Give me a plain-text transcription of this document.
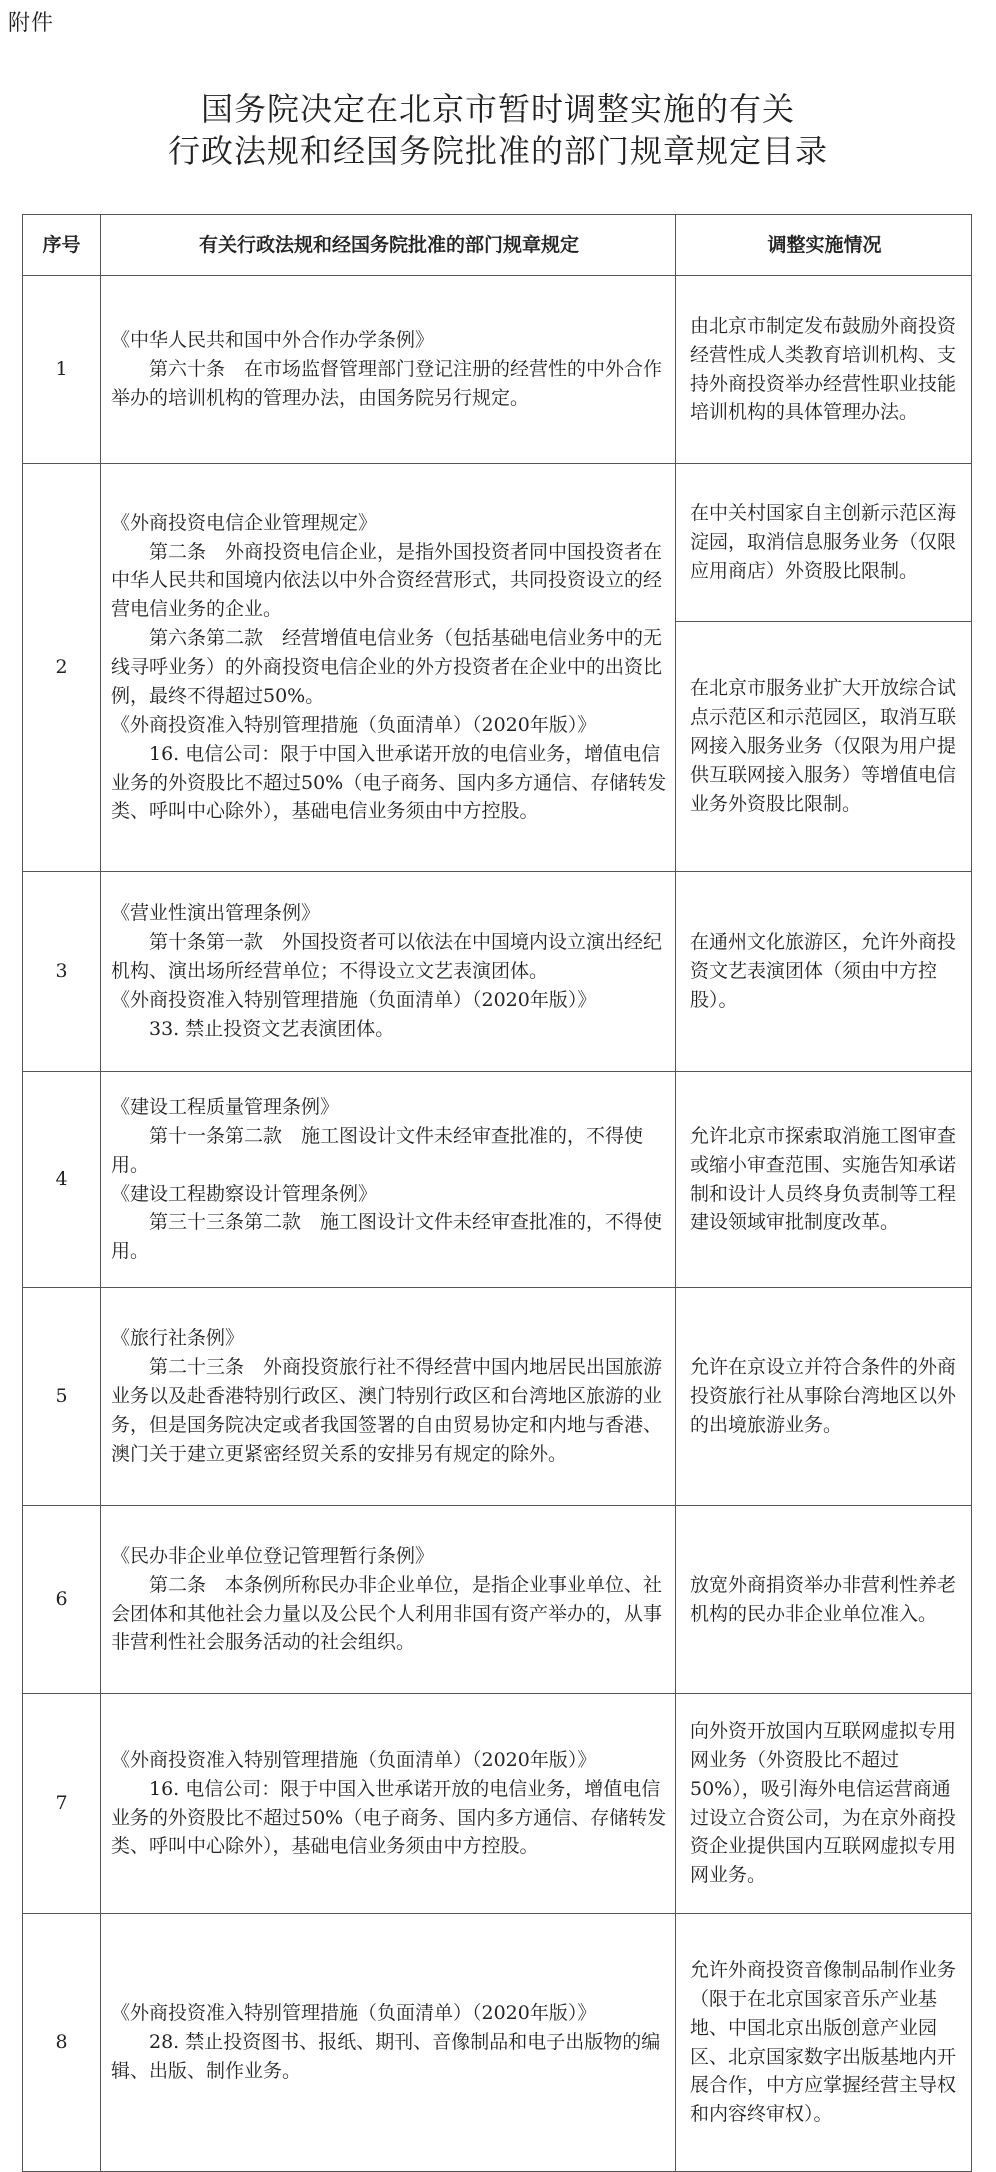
附件
国务院决定在北京市暂时调整实施的有关
行政法规和经国务院批准的部门规章规定目录
序号	有关行政法规和经国务院批准的部门规章规定	调整实施情况
1	《中华人民共和国中外合作办学条例》
第六十条　在市场监督管理部门登记注册的经营性的中外合作举办的培训机构的管理办法，由国务院另行规定。	由北京市制定发布鼓励外商投资经营性成人类教育培训机构、支持外商投资举办经营性职业技能培训机构的具体管理办法。
2	《外商投资电信企业管理规定》
第二条　外商投资电信企业，是指外国投资者同中国投资者在中华人民共和国境内依法以中外合资经营形式，共同投资设立的经营电信业务的企业。
第六条第二款　经营增值电信业务（包括基础电信业务中的无线寻呼业务）的外商投资电信企业的外方投资者在企业中的出资比例，最终不得超过50%。
《外商投资准入特别管理措施（负面清单）（2020年版）》
16. 电信公司：限于中国入世承诺开放的电信业务，增值电信业务的外资股比不超过50%（电子商务、国内多方通信、存储转发类、呼叫中心除外），基础电信业务须由中方控股。	在中关村国家自主创新示范区海淀园，取消信息服务业务（仅限应用商店）外资股比限制。
		在北京市服务业扩大开放综合试点示范区和示范园区，取消互联网接入服务业务（仅限为用户提供互联网接入服务）等增值电信业务外资股比限制。
3	《营业性演出管理条例》
第十条第一款　外国投资者可以依法在中国境内设立演出经纪机构、演出场所经营单位；不得设立文艺表演团体。
《外商投资准入特别管理措施（负面清单）（2020年版）》
33. 禁止投资文艺表演团体。	在通州文化旅游区，允许外商投资文艺表演团体（须由中方控股）。
4	《建设工程质量管理条例》
第十一条第二款　施工图设计文件未经审查批准的，不得使用。
《建设工程勘察设计管理条例》
第三十三条第二款　施工图设计文件未经审查批准的，不得使用。	允许北京市探索取消施工图审查或缩小审查范围、实施告知承诺制和设计人员终身负责制等工程建设领域审批制度改革。
5	《旅行社条例》
第二十三条　外商投资旅行社不得经营中国内地居民出国旅游业务以及赴香港特别行政区、澳门特别行政区和台湾地区旅游的业务，但是国务院决定或者我国签署的自由贸易协定和内地与香港、澳门关于建立更紧密经贸关系的安排另有规定的除外。	允许在京设立并符合条件的外商投资旅行社从事除台湾地区以外的出境旅游业务。
6	《民办非企业单位登记管理暂行条例》
第二条　本条例所称民办非企业单位，是指企业事业单位、社会团体和其他社会力量以及公民个人利用非国有资产举办的，从事非营利性社会服务活动的社会组织。	放宽外商捐资举办非营利性养老机构的民办非企业单位准入。
7	《外商投资准入特别管理措施（负面清单）（2020年版）》
16. 电信公司：限于中国入世承诺开放的电信业务，增值电信业务的外资股比不超过50%（电子商务、国内多方通信、存储转发类、呼叫中心除外），基础电信业务须由中方控股。	向外资开放国内互联网虚拟专用网业务（外资股比不超过50%），吸引海外电信运营商通过设立合资公司，为在京外商投资企业提供国内互联网虚拟专用网业务。
8	《外商投资准入特别管理措施（负面清单）（2020年版）》
28. 禁止投资图书、报纸、期刊、音像制品和电子出版物的编辑、出版、制作业务。	允许外商投资音像制品制作业务（限于在北京国家音乐产业基地、中国北京出版创意产业园区、北京国家数字出版基地内开展合作，中方应掌握经营主导权和内容终审权）。
